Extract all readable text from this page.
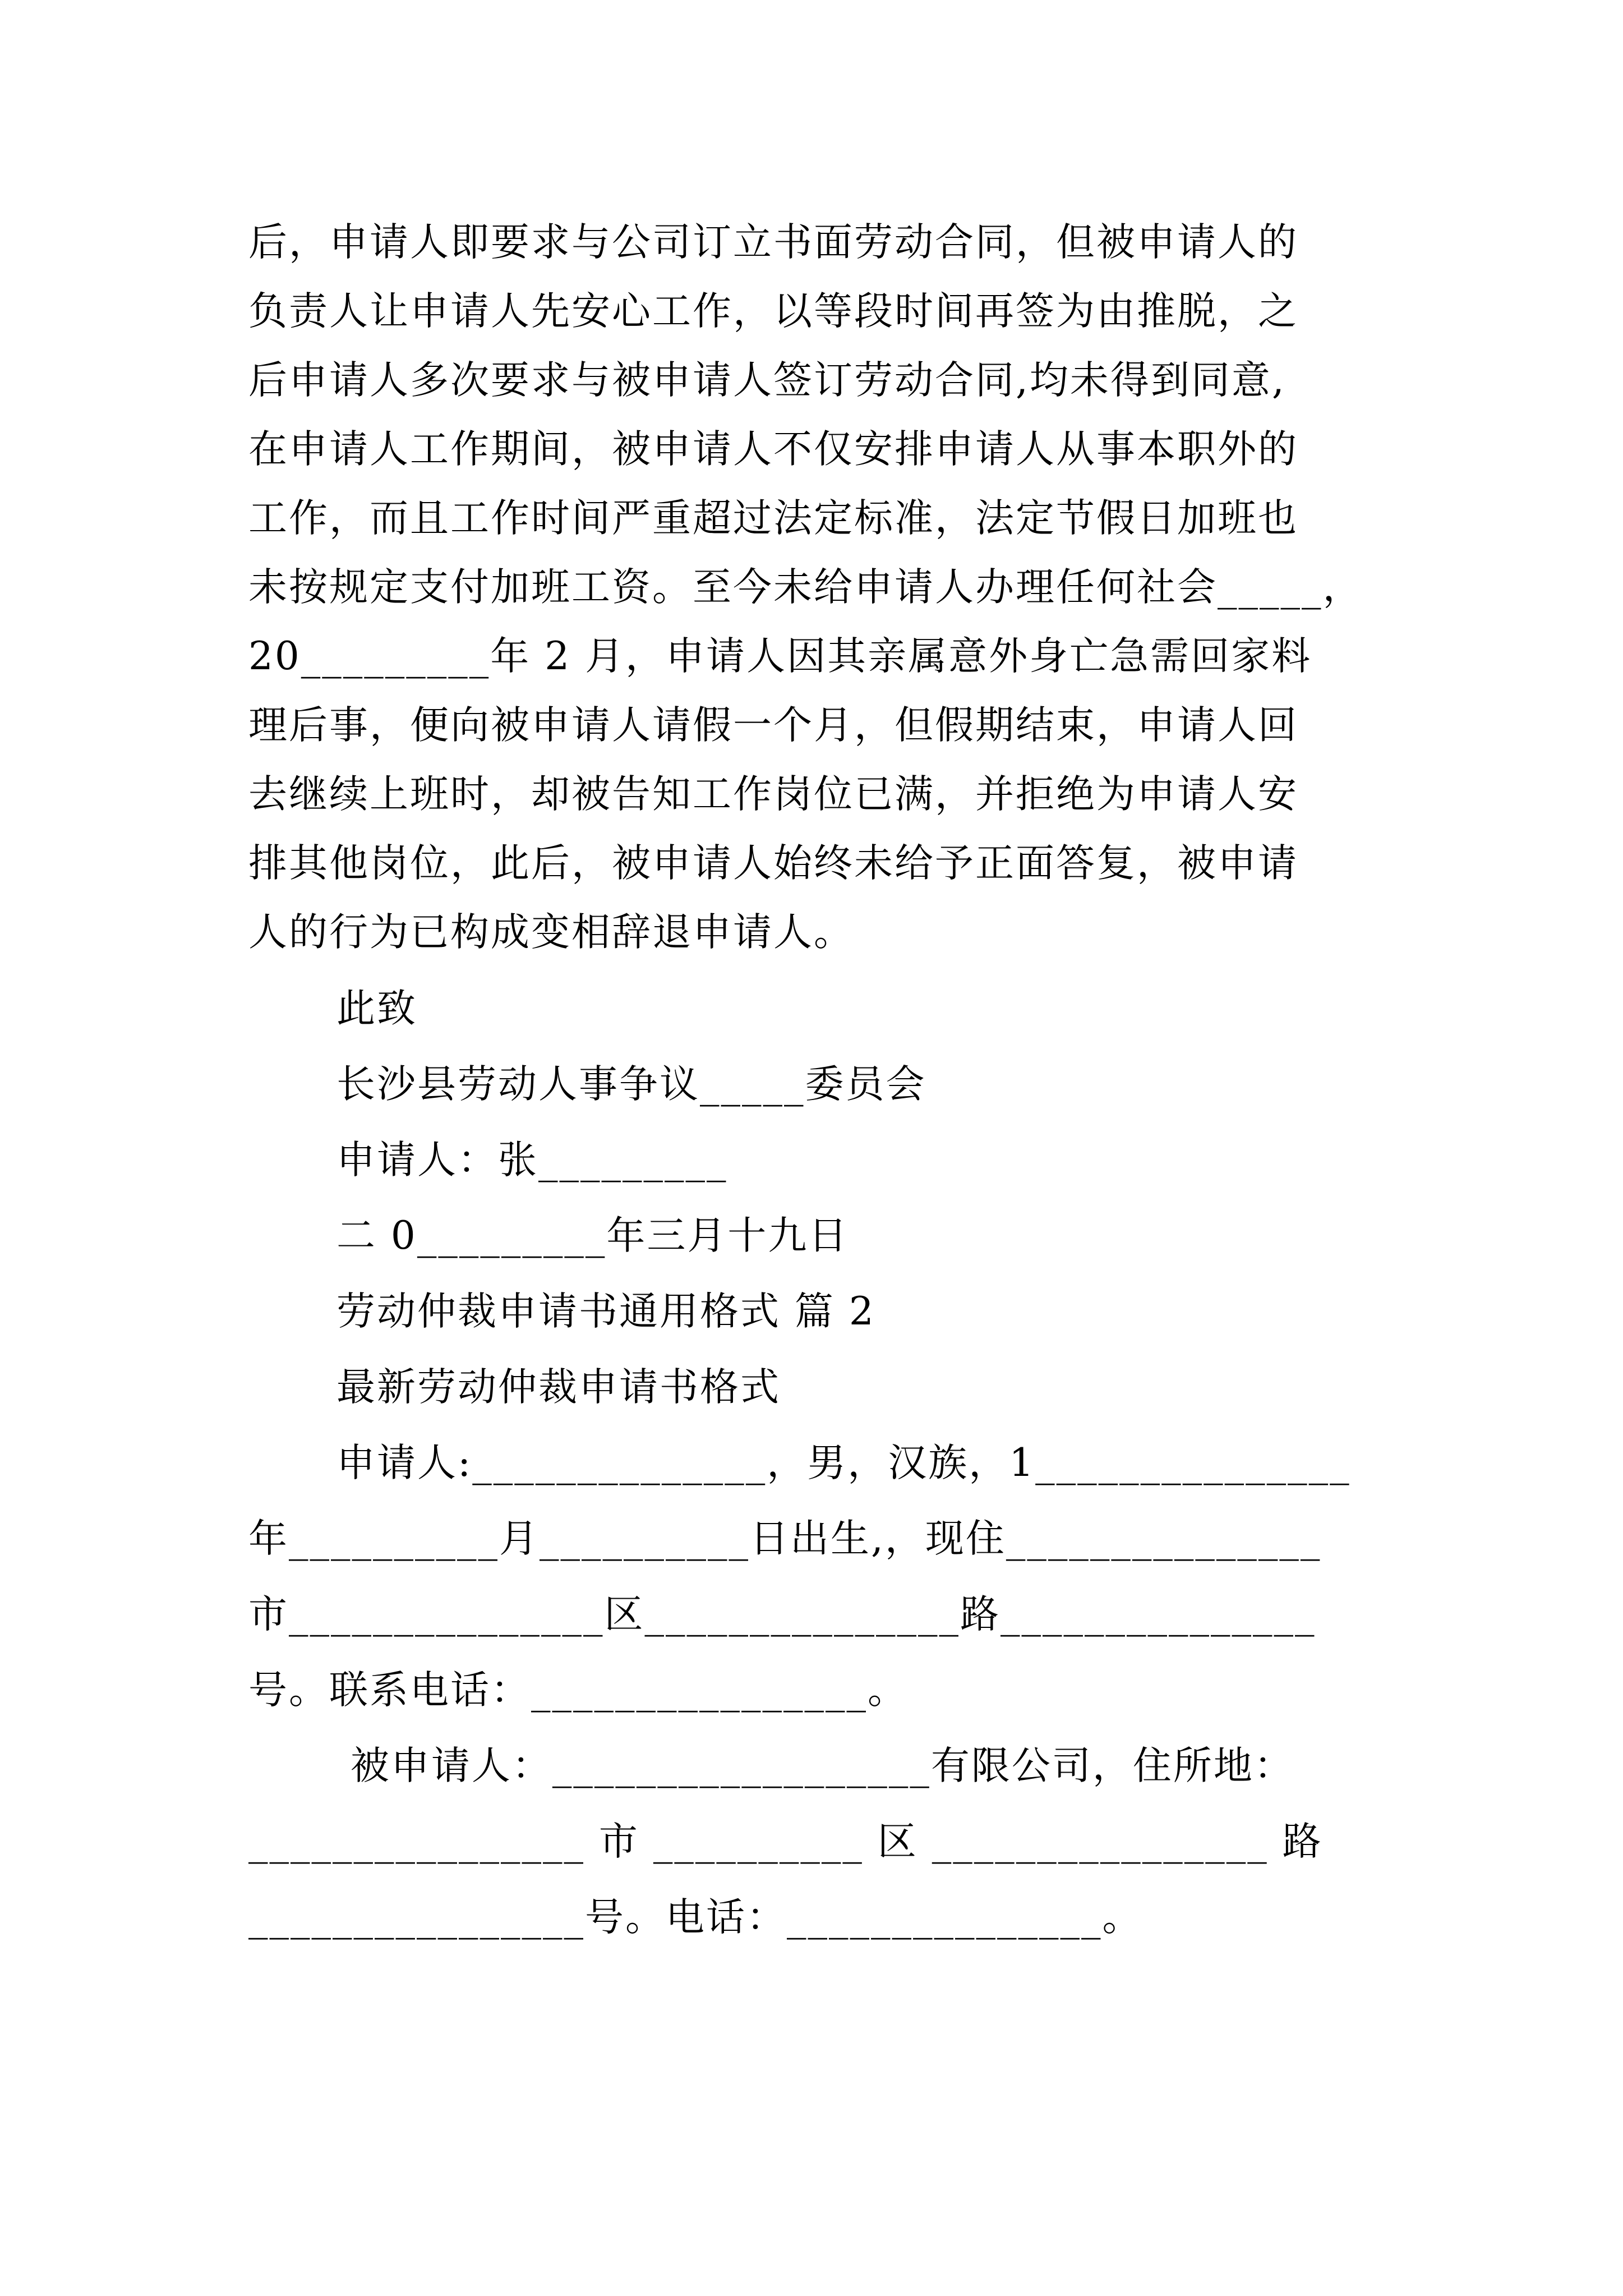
后，申请人即要求与公司订立书面劳动合同，但被申请人的

负责人让申请人先安心工作，以等段时间再签为由推脱，之

后申请人多次要求与被申请人签订劳动合同,均未得到同意,

在申请人工作期间，被申请人不仅安排申请人从事本职外的

工作，而且工作时间严重超过法定标准，法定节假日加班也

未按规定支付加班工资。至今未给申请人办理任何社会_____，

20_________年 2 月，申请人因其亲属意外身亡急需回家料

理后事，便向被申请人请假一个月，但假期结束，申请人回

去继续上班时，却被告知工作岗位已满，并拒绝为申请人安

排其他岗位，此后，被申请人始终未给予正面答复，被申请

人的行为已构成变相辞退申请人。

此致

长沙县劳动人事争议_____委员会

申请人：张_________

二 0_________年三月十九日

劳动仲裁申请书通用格式 篇 2

最新劳动仲裁申请书格式

申请人:______________，男，汉族，1_______________

年__________月__________日出生,，现住_______________

市_______________区_______________路_______________

号。联系电话：________________。

被申请人：__________________有限公司，住所地：

________________ 市 __________ 区 ________________ 路

________________号。电话：_______________。
